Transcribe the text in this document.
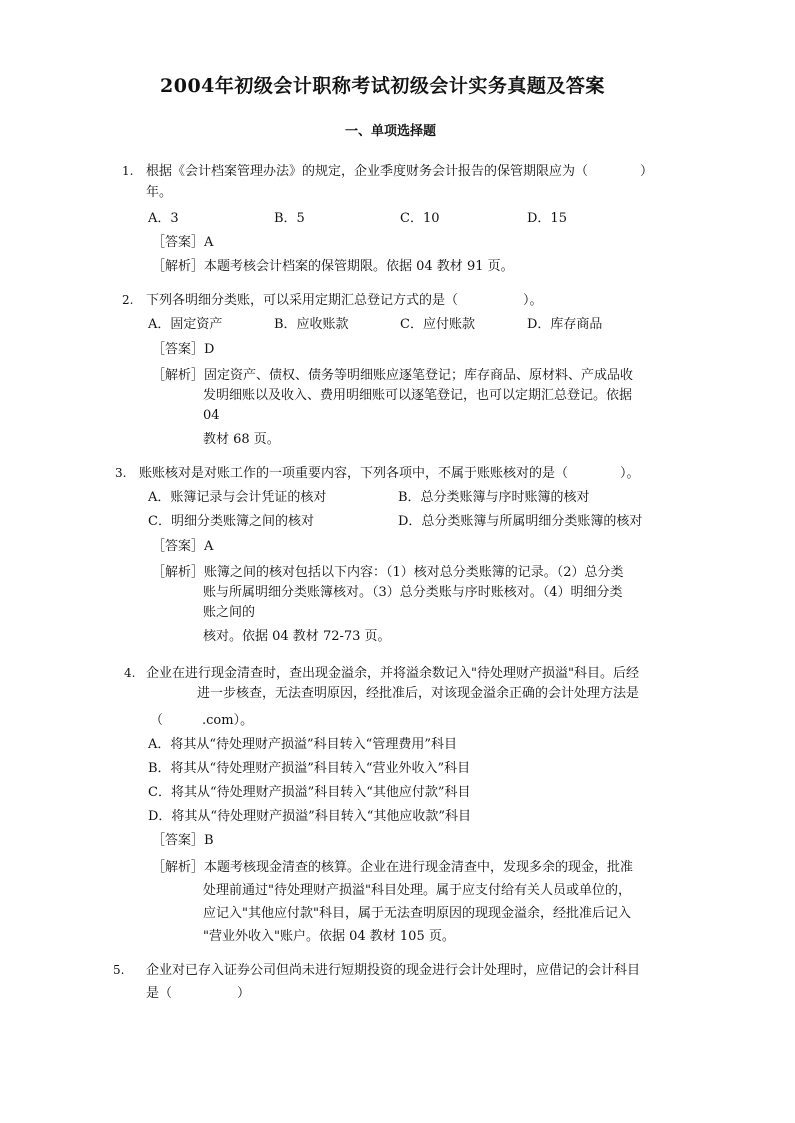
2004年初级会计职称考试初级会计实务真题及答案
一、单项选择题
1. 根据《会计档案管理办法》的规定，企业季度财务会计报告的保管期限应为（　　　　）
年。
A．3	B．5	C．10	D．15
［答案］A
［解析］本题考核会计档案的保管期限。依据 04 教材 91 页。
2. 下列各明细分类账，可以采用定期汇总登记方式的是（　　　　　）。
A．固定资产	B．应收账款	C．应付账款	D．库存商品
［答案］D
［解析］固定资产、债权、债务等明细账应逐笔登记；库存商品、原材料、产成品收
发明细账以及收入、费用明细账可以逐笔登记，也可以定期汇总登记。依据
04
教材 68 页。
3. 账账核对是对账工作的一项重要内容，下列各项中，不属于账账核对的是（　　　　）。
A．账簿记录与会计凭证的核对	B．总分类账簿与序时账簿的核对
C．明细分类账簿之间的核对	D．总分类账簿与所属明细分类账簿的核对
［答案］A
［解析］账簿之间的核对包括以下内容：（1）核对总分类账簿的记录。（2）总分类
账与所属明细分类账簿核对。（3）总分类账与序时账核对。（4）明细分类
账之间的
核对。依据 04 教材 72-73 页。
4. 企业在进行现金清查时，查出现金溢余，并将溢余数记入"待处理财产损溢"科目。后经
进一步核查，无法查明原因，经批准后，对该现金溢余正确的会计处理方法是
（　　　.com）。
A．将其从“待处理财产损溢”科目转入“管理费用”科目
B．将其从“待处理财产损溢”科目转入“营业外收入”科目
C．将其从“待处理财产损溢”科目转入“其他应付款”科目
D．将其从“待处理财产损溢”科目转入“其他应收款”科目
［答案］B
［解析］本题考核现金清查的核算。企业在进行现金清查中，发现多余的现金，批准
处理前通过"待处理财产损溢"科目处理。属于应支付给有关人员或单位的，
应记入"其他应付款"科目，属于无法查明原因的现现金溢余，经批准后记入
"营业外收入"账户。依据 04 教材 105 页。
5. 企业对已存入证券公司但尚未进行短期投资的现金进行会计处理时，应借记的会计科目
是（　　　　　）
